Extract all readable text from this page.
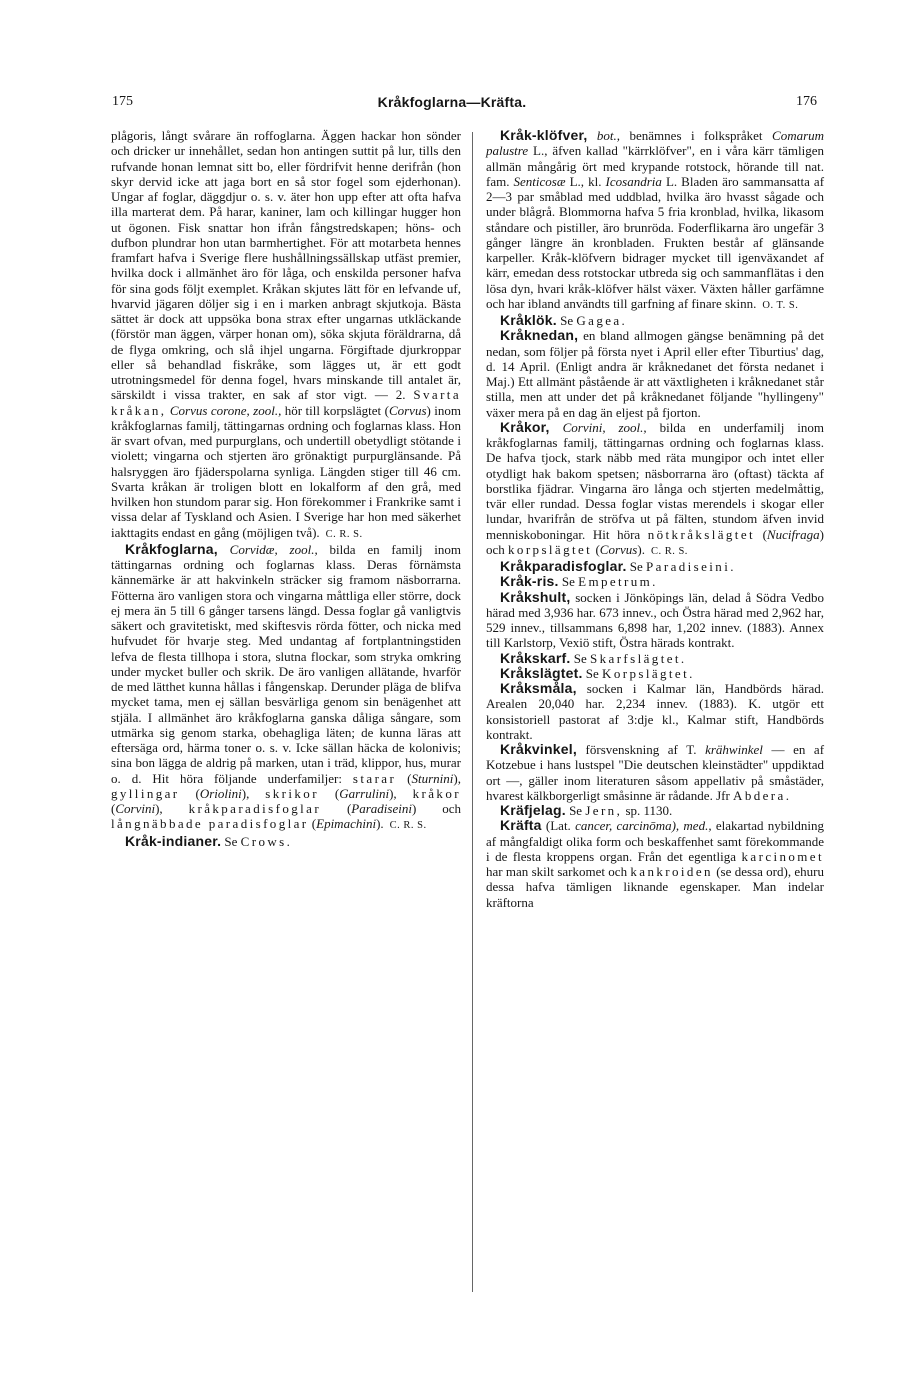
175	Kråkfoglarna—Kräfta.	176

plågoris, långt svårare än roffoglarna. Äggen hackar hon sönder och dricker ur innehållet, sedan hon antingen suttit på lur, tills den rufvande honan lemnat sitt bo, eller fördrifvit henne derifrån (hon skyr dervid icke att jaga bort en så stor fogel som ejderhonan). Ungar af foglar, däggdjur o. s. v. äter hon upp efter att ofta hafva illa marterat dem. På harar, kaniner, lam och killingar hugger hon ut ögonen. Fisk snattar hon ifrån fångstredskapen; höns- och dufbon plundrar hon utan barmhertighet. För att motarbeta hennes framfart hafva i Sverige flere hushållningssällskap utfäst premier, hvilka dock i allmänhet äro för låga, och enskilda personer hafva för sina gods följt exemplet. Kråkan skjutes lätt för en lefvande uf, hvarvid jägaren döljer sig i en i marken anbragt skjutkoja. Bästa sättet är dock att uppsöka bona strax efter ungarnas utkläckande (förstör man äggen, värper honan om), söka skjuta föräldrarna, då de flyga omkring, och slå ihjel ungarna. Förgiftade djurkroppar eller så behandlad fiskråke, som lägges ut, är ett godt utrotningsmedel för denna fogel, hvars minskande till antalet är, särskildt i vissa trakter, en sak af stor vigt. — 2. Svarta kråkan, Corvus corone, zool., hör till korpslägtet (Corvus) inom kråkfoglarnas familj, tättingarnas ordning och foglarnas klass. Hon är svart ofvan, med purpurglans, och undertill obetydligt stötande i violett; vingarna och stjerten äro grönaktigt purpurglänsande. På halsryggen äro fjäderspolarna synliga. Längden stiger till 46 cm. Svarta kråkan är troligen blott en lokalform af den grå, med hvilken hon stundom parar sig. Hon förekommer i Frankrike samt i vissa delar af Tyskland och Asien. I Sverige har hon med säkerhet iakttagits endast en gång (möjligen två). C. R. S.

Kråkfoglarna, Corvidæ, zool., bilda en familj inom tättingarnas ordning och foglarnas klass. Deras förnämsta kännemärke är att hakvinkeln sträcker sig framom näsborrarna. Fötterna äro vanligen stora och vingarna måttliga eller större, dock ej mera än 5 till 6 gånger tarsens längd. Dessa foglar gå vanligtvis säkert och gravitetiskt, med skiftesvis rörda fötter, och nicka med hufvudet för hvarje steg. Med undantag af fortplantningstiden lefva de flesta tillhopa i stora, slutna flockar, som stryka omkring under mycket buller och skrik. De äro vanligen allätande, hvarför de med lätthet kunna hållas i fångenskap. Derunder pläga de blifva mycket tama, men ej sällan besvärliga genom sin benägenhet att stjäla. I allmänhet äro kråkfoglarna ganska dåliga sångare, som utmärka sig genom starka, obehagliga läten; de kunna läras att eftersäga ord, härma toner o. s. v. Icke sällan häcka de kolonivis; sina bon lägga de aldrig på marken, utan i träd, klippor, hus, murar o. d. Hit höra följande underfamiljer: starar (Sturnini), gyllingar (Oriolini), skrikor (Garrulini), kråkor (Corvini), kråkparadisfoglar (Paradiseini) och långnäbbade paradisfoglar (Epimachini). C. R. S.

Kråk-indianer. Se Crows.

Kråk-klöfver, bot., benämnes i folkspråket Comarum palustre L., äfven kallad "kärrklöfver", en i våra kärr tämligen allmän mångårig ört med krypande rotstock, hörande till nat. fam. Senticosæ L., kl. Icosandria L. Bladen äro sammansatta af 2—3 par småblad med uddblad, hvilka äro hvasst sågade och under blågrå. Blommorna hafva 5 fria kronblad, hvilka, likasom ståndare och pistiller, äro brunröda. Foderflikarna äro ungefär 3 gånger längre än kronbladen. Frukten består af glänsande karpeller. Kråk-klöfvern bidrager mycket till igenväxandet af kärr, emedan dess rotstockar utbreda sig och sammanflätas i den lösa dyn, hvari kråk-klöfver hälst växer. Växten håller garfämne och har ibland användts till garfning af finare skinn. O. T. S.

Kråklök. Se Gagea.

Kråknedan, en bland allmogen gängse benämning på det nedan, som följer på första nyet i April eller efter Tiburtius' dag, d. 14 April. (Enligt andra är kråknedanet det första nedanet i Maj.) Ett allmänt påstående är att växtligheten i kråknedanet står stilla, men att under det på kråknedanet följande "hyllingeny" växer mera på en dag än eljest på fjorton.

Kråkor, Corvini, zool., bilda en underfamilj inom kråkfoglarnas familj, tättingarnas ordning och foglarnas klass. De hafva tjock, stark näbb med räta mungipor och intet eller otydligt hak bakom spetsen; näsborrarna äro (oftast) täckta af borstlika fjädrar. Vingarna äro långa och stjerten medelmåttig, tvär eller rundad. Dessa foglar vistas merendels i skogar eller lundar, hvarifrån de ströfva ut på fälten, stundom äfven invid menniskoboningar. Hit höra nötkråkslägtet (Nucifraga) och korpslägtet (Corvus). C. R. S.

Kråkparadisfoglar. Se Paradiseini.

Kråk-ris. Se Empetrum.

Kråkshult, socken i Jönköpings län, delad å Södra Vedbo härad med 3,936 har. 673 innev., och Östra härad med 2,962 har, 529 innev., tillsammans 6,898 har, 1,202 innev. (1883). Annex till Karlstorp, Vexiö stift, Östra härads kontrakt.

Kråkskarf. Se Skarfslägtet.

Kråkslägtet. Se Korpslägtet.

Kråksmåla, socken i Kalmar län, Handbörds härad. Arealen 20,040 har. 2,234 innev. (1883). K. utgör ett konsistoriell pastorat af 3:dje kl., Kalmar stift, Handbörds kontrakt.

Kråkvinkel, försvenskning af T. krähwinkel — en af Kotzebue i hans lustspel "Die deutschen kleinstädter" uppdiktad ort —, gäller inom literaturen såsom appellativ på småstäder, hvarest kälkborgerligt småsinne är rådande. Jfr Abdera.

Kräfjelag. Se Jern, sp. 1130.

Kräfta (Lat. cancer, carcinōma), med., elakartad nybildning af mångfaldigt olika form och beskaffenhet samt förekommande i de flesta kroppens organ. Från det egentliga karcinomet har man skilt sarkomet och kankroiden (se dessa ord), ehuru dessa hafva tämligen liknande egenskaper. Man indelar kräftorna
